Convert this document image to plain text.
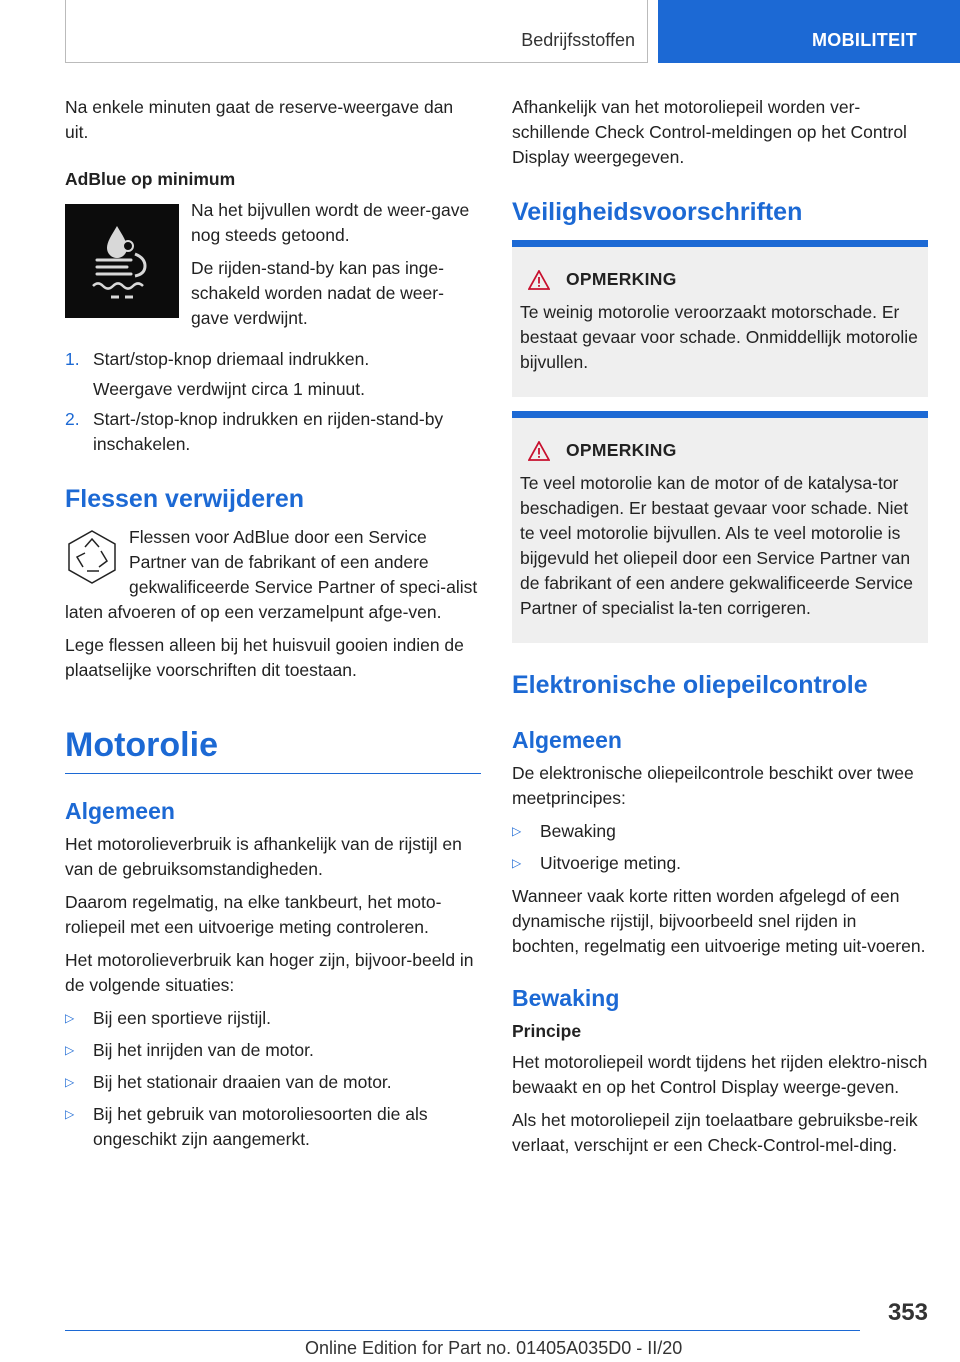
Bedrijfsstoffen	MOBILITEIT

Na enkele minuten gaat de reserve-weergave dan uit.

AdBlue op minimum

Na het bijvullen wordt de weer-gave nog steeds getoond.

De rijden-stand-by kan pas inge-schakeld worden nadat de weer-gave verdwijnt.

1. Start/stop-knop driemaal indrukken.
Weergave verdwijnt circa 1 minuut.
2. Start-/stop-knop indrukken en rijden-stand-by inschakelen.
Flessen verwijderen

Flessen voor AdBlue door een Service Partner van de fabrikant of een andere gekwalificeerde Service Partner of speci-alist laten afvoeren of op een verzamelpunt afge-ven.

Lege flessen alleen bij het huisvuil gooien indien de plaatselijke voorschriften dit toestaan.

Motorolie
Algemeen

Het motorolieverbruik is afhankelijk van de rijstijl en van de gebruiksomstandigheden.

Daarom regelmatig, na elke tankbeurt, het moto-roliepeil met een uitvoerige meting controleren.

Het motorolieverbruik kan hoger zijn, bijvoor-beeld in de volgende situaties:

▷	Bij een sportieve rijstijl.
▷	Bij het inrijden van de motor.
▷	Bij het stationair draaien van de motor.
▷	Bij het gebruik van motoroliesoorten die als ongeschikt zijn aangemerkt.

Afhankelijk van het motoroliepeil worden ver-schillende Check Control-meldingen op het Control Display weergegeven.

Veiligheidsvoorschriften
OPMERKING

Te weinig motorolie veroorzaakt motorschade. Er bestaat gevaar voor schade. Onmiddellijk motorolie bijvullen.

OPMERKING

Te veel motorolie kan de motor of de katalysa-tor beschadigen. Er bestaat gevaar voor schade. Niet te veel motorolie bijvullen. Als te veel motorolie is bijgevuld het oliepeil door een Service Partner van de fabrikant of een andere gekwalificeerde Service Partner of specialist la-ten corrigeren.

Elektronische oliepeilcontrole
Algemeen

De elektronische oliepeilcontrole beschikt over twee meetprincipes:

▷	Bewaking
▷	Uitvoerige meting.

Wanneer vaak korte ritten worden afgelegd of een dynamische rijstijl, bijvoorbeeld snel rijden in bochten, regelmatig een uitvoerige meting uit-voeren.

Bewaking
Principe

Het motoroliepeil wordt tijdens het rijden elektro-nisch bewaakt en op het Control Display weerge-geven.

Als het motoroliepeil zijn toelaatbare gebruiksbe-reik verlaat, verschijnt er een Check-Control-mel-ding.

353
Online Edition for Part no. 01405A035D0 - II/20
